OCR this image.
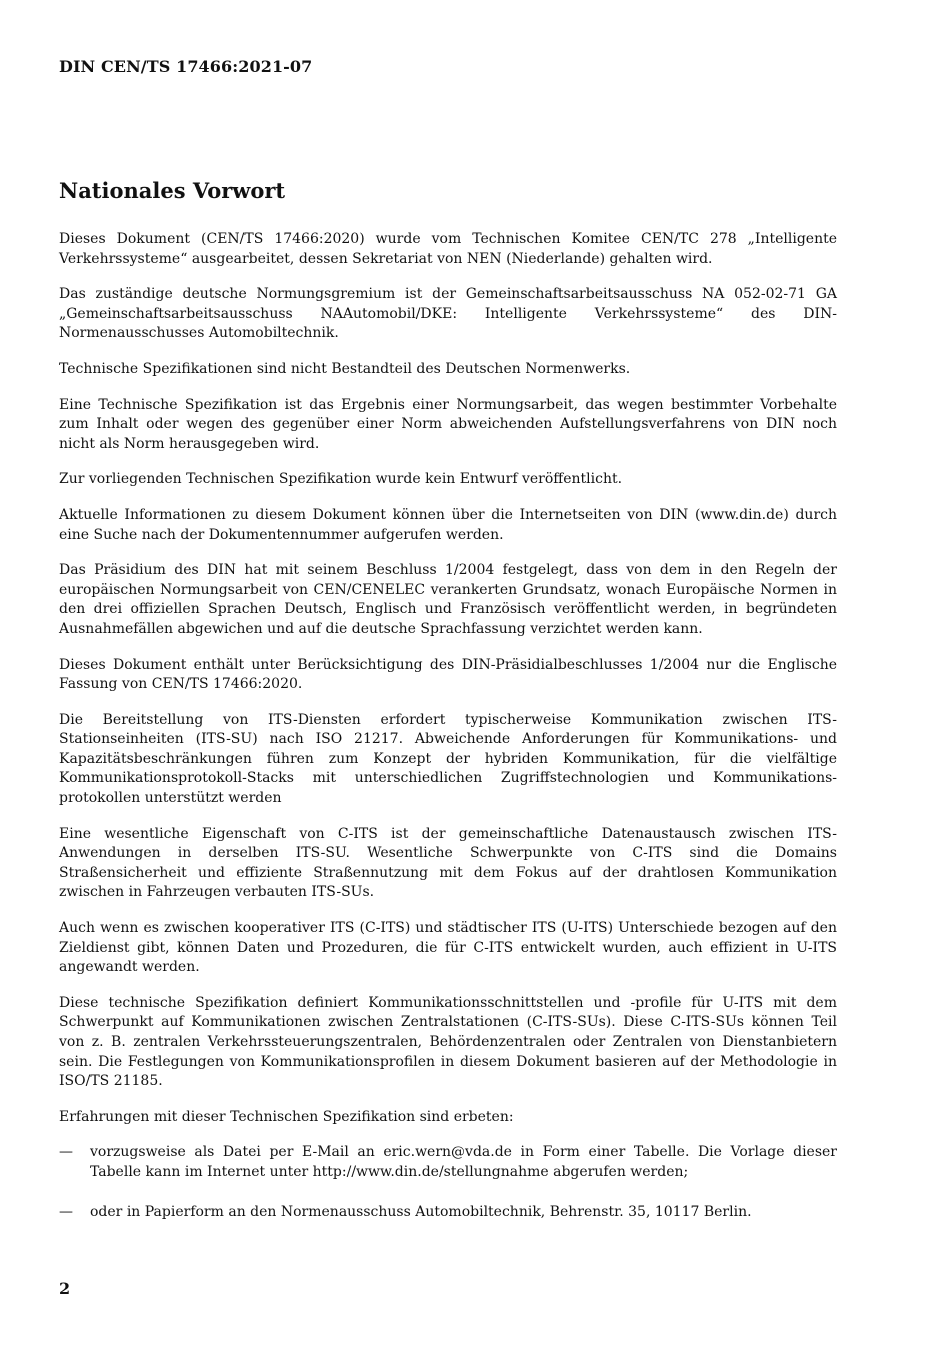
DIN CEN/TS 17466:2021-07
Nationales Vorwort

Dieses Dokument (CEN/TS 17466:2020) wurde vom Technischen Komitee CEN/TC 278 „Intelligente Verkehrssysteme“ ausgearbeitet, dessen Sekretariat von NEN (Niederlande) gehalten wird.

Das zuständige deutsche Normungsgremium ist der Gemeinschaftsarbeitsausschuss NA 052-02-71 GA „Gemeinschaftsarbeitsausschuss NAAutomobil/DKE: Intelligente Verkehrssysteme“ des DIN-Normenausschusses Automobiltechnik.

Technische Spezifikationen sind nicht Bestandteil des Deutschen Normenwerks.

Eine Technische Spezifikation ist das Ergebnis einer Normungsarbeit, das wegen bestimmter Vorbehalte zum Inhalt oder wegen des gegenüber einer Norm abweichenden Aufstellungsverfahrens von DIN noch nicht als Norm herausgegeben wird.

Zur vorliegenden Technischen Spezifikation wurde kein Entwurf veröffentlicht.

Aktuelle Informationen zu diesem Dokument können über die Internetseiten von DIN (www.din.de) durch eine Suche nach der Dokumentennummer aufgerufen werden.

Das Präsidium des DIN hat mit seinem Beschluss 1/2004 festgelegt, dass von dem in den Regeln der europäischen Normungsarbeit von CEN/CENELEC verankerten Grundsatz, wonach Europäische Normen in den drei offiziellen Sprachen Deutsch, Englisch und Französisch veröffentlicht werden, in begründeten Ausnahmefällen abgewichen und auf die deutsche Sprachfassung verzichtet werden kann.

Dieses Dokument enthält unter Berücksichtigung des DIN-Präsidialbeschlusses 1/2004 nur die Englische Fassung von CEN/TS 17466:2020.

Die Bereitstellung von ITS-Diensten erfordert typischerweise Kommunikation zwischen ITS-Stationseinheiten (ITS-SU) nach ISO 21217. Abweichende Anforderungen für Kommunikations- und Kapazitätsbeschränkungen führen zum Konzept der hybriden Kommunikation, für die vielfältige Kommunikationsprotokoll-Stacks mit unterschiedlichen Zugriffstechnologien und Kommunikations-protokollen unterstützt werden

Eine wesentliche Eigenschaft von C-ITS ist der gemeinschaftliche Datenaustausch zwischen ITS-Anwendungen in derselben ITS-SU. Wesentliche Schwerpunkte von C-ITS sind die Domains Straßensicherheit und effiziente Straßennutzung mit dem Fokus auf der drahtlosen Kommunikation zwischen in Fahrzeugen verbauten ITS-SUs.

Auch wenn es zwischen kooperativer ITS (C-ITS) und städtischer ITS (U-ITS) Unterschiede bezogen auf den Zieldienst gibt, können Daten und Prozeduren, die für C-ITS entwickelt wurden, auch effizient in U-ITS angewandt werden.

Diese technische Spezifikation definiert Kommunikationsschnittstellen und -profile für U-ITS mit dem Schwerpunkt auf Kommunikationen zwischen Zentralstationen (C-ITS-SUs). Diese C-ITS-SUs können Teil von z. B. zentralen Verkehrssteuerungszentralen, Behördenzentralen oder Zentralen von Dienstanbietern sein. Die Festlegungen von Kommunikationsprofilen in diesem Dokument basieren auf der Methodologie in ISO/TS 21185.

Erfahrungen mit dieser Technischen Spezifikation sind erbeten:

—	vorzugsweise als Datei per E-Mail an eric.wern@vda.de in Form einer Tabelle. Die Vorlage dieser Tabelle kann im Internet unter http://www.din.de/stellungnahme abgerufen werden;
—	oder in Papierform an den Normenausschuss Automobiltechnik, Behrenstr. 35, 10117 Berlin.
2
